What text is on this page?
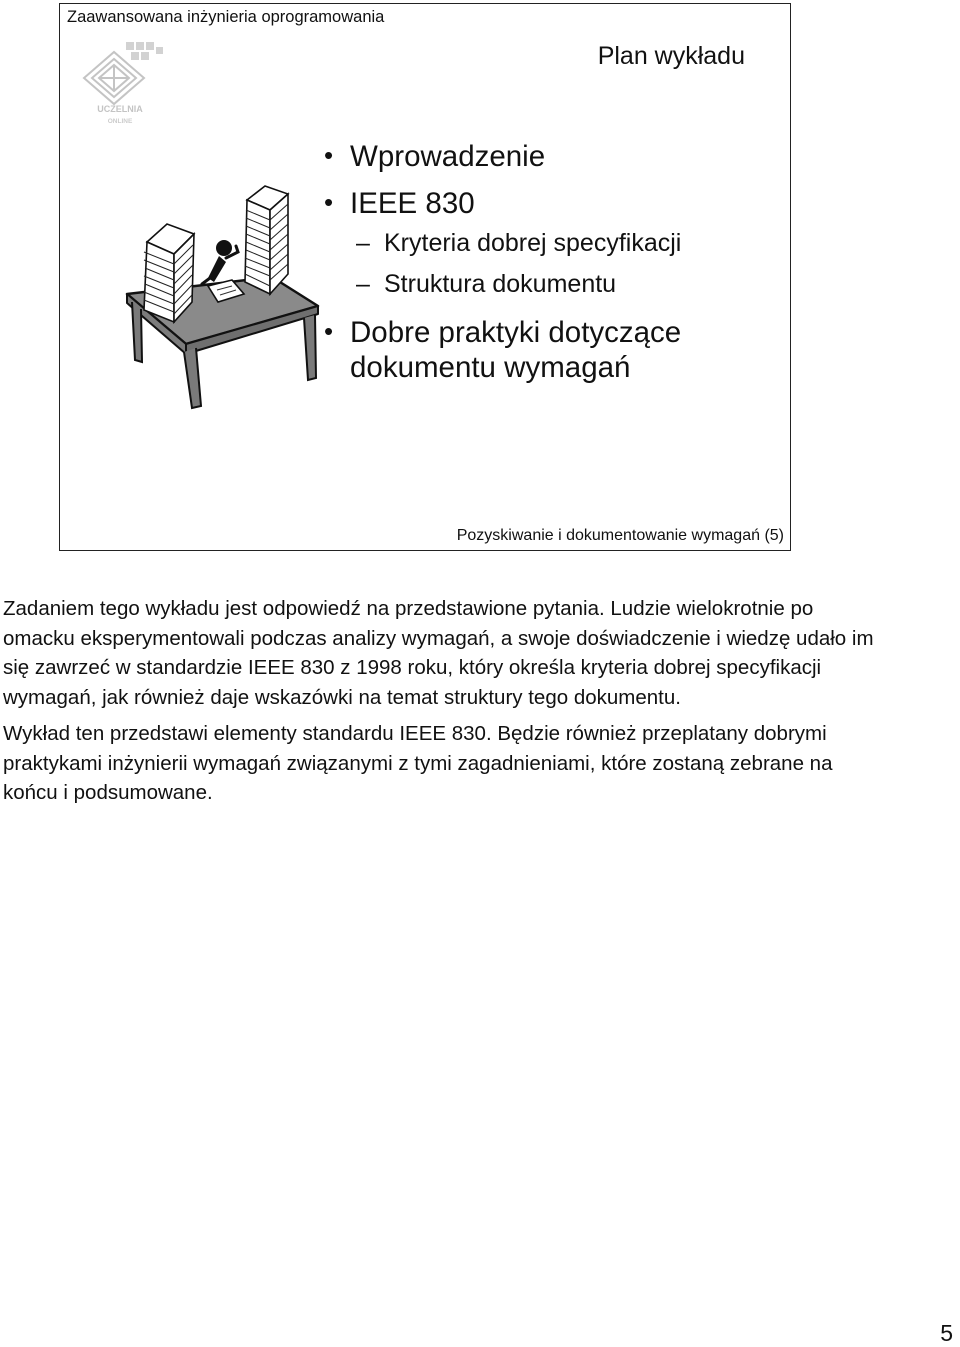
Zaawansowana inżynieria oprogramowania
UCZELNIA
ONLINE
Plan wykładu
• Wprowadzenie
• IEEE 830
– Kryteria dobrej specyfikacji
– Struktura dokumentu
• Dobre praktyki dotyczące dokumentu wymagań
Pozyskiwanie i dokumentowanie wymagań (5)

Zadaniem tego wykładu jest odpowiedź na przedstawione pytania. Ludzie wielokrotnie po omacku eksperymentowali podczas analizy wymagań, a swoje doświadczenie i wiedzę udało im się zawrzeć w standardzie IEEE 830 z 1998 roku, który określa kryteria dobrej specyfikacji wymagań, jak również daje wskazówki na temat struktury tego dokumentu.

Wykład ten przedstawi elementy standardu IEEE 830. Będzie również przeplatany dobrymi praktykami inżynierii wymagań związanymi z tymi zagadnieniami, które zostaną zebrane na końcu i podsumowane.

5
